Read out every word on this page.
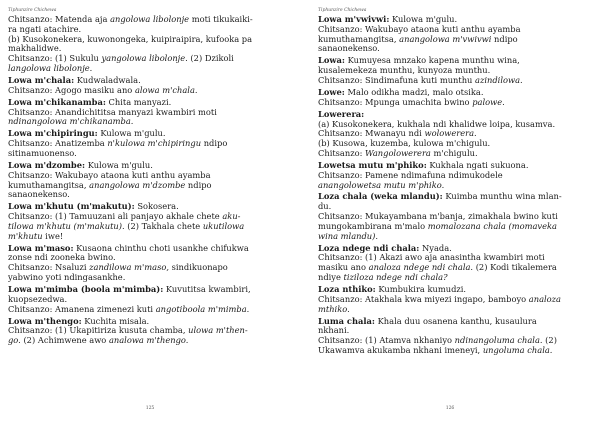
Tiphunzire Chichewa
Chitsanzo: Matenda aja angolowa libolonje moti tikukaiki-
ra ngati atachire.
(b) Kusokonekera, kuwonongeka, kuipiraipira, kufooka pa
makhalidwe.
Chitsanzo: (1) Sukulu yangolowa libolonje. (2) Dzikoli
langolowa libolonje.
Lowa m'chala: Kudwaladwala.
Chitsanzo: Agogo masiku ano alowa m'chala.
Lowa m'chikanamba: Chita manyazi.
Chitsanzo: Anandichititsa manyazi kwambiri moti
ndinangolowa m'chikanamba.
Lowa m'chipiringu: Kulowa m'gulu.
Chitsanzo: Anatizemba n'kulowa m'chipiringu ndipo
sitinamuonenso.
Lowa m'dzombe: Kulowa m'gulu.
Chitsanzo: Wakubayo ataona kuti anthu ayamba
kumuthamangitsa, anangolowa m'dzombe ndipo
sanaonekenso.
Lowa m'khutu (m'makutu): Sokosera.
Chitsanzo: (1) Tamuuzani ali panjayo akhale chete aku-
tilowa m'khutu (m'makutu). (2) Takhala chete ukutilowa
m'khutu iwe!
Lowa m'maso: Kusaona chinthu choti usankhe chifukwa
zonse ndi zooneka bwino.
Chitsanzo: Nsaluzi zandilowa m'maso, sindikuonapo
yabwino yoti ndingasankhe.
Lowa m'mimba (boola m'mimba): Kuvutitsa kwambiri,
kuopsezedwa.
Chitsanzo: Amanena zimenezi kuti angotiboola m'mimba.
Lowa m'thengo: Kuchita misala.
Chitsanzo: (1) Ukapitiriza kusuta chamba, ulowa m'then-
go. (2) Achimwene awo analowa m'thengo.
125
Tiphunzire Chichewa
Lowa m'vwivwi: Kulowa m'gulu.
Chitsanzo: Wakubayo ataona kuti anthu ayamba
kumuthamangitsa, anangolowa m'vwivwi ndipo
sanaonekenso.
Lowa: Kumuyesa mnzako kapena munthu wina,
kusalemekeza munthu, kunyoza munthu.
Chitsanzo: Sindimafuna kuti munthu azindilowa.
Lowe: Malo odikha madzi, malo otsika.
Chitsanzo: Mpunga umachita bwino palowe.
Lowerera:
(a) Kusokonekera, kukhala ndi khalidwe loipa, kusamva.
Chitsanzo: Mwanayu ndi wolowerera.
(b) Kusowa, kuzemba, kulowa m'chigulu.
Chitsanzo: Wangolowerera m'chigulu.
Lowetsa mutu m'phiko: Kukhala ngati sukuona.
Chitsanzo: Pamene ndimafuna ndimukodele
anangolowetsa mutu m'phiko.
Loza chala (weka mlandu): Kuimba munthu wina mlan-
du.
Chitsanzo: Mukayambana m'banja, zimakhala bwino kuti
mungokambirana m'malo momalozana chala (momaveka
wina mlandu).
Loza ndege ndi chala: Nyada.
Chitsanzo: (1) Akazi awo aja anasintha kwambiri moti
masiku ano analoza ndege ndi chala. (2) Kodi tikalemera
ndiye tiziloza ndege ndi chala?
Loza nthiko: Kumbukira kumudzi.
Chitsanzo: Atakhala kwa miyezi ingapo, bamboyo analoza
mthiko.
Luma chala: Khala duu osanena kanthu, kusaulura
nkhani.
Chitsanzo: (1) Atamva nkhaniyo ndinangoluma chala. (2)
Ukawamva akukamba nkhani imeneyi, ungoluma chala.
126
